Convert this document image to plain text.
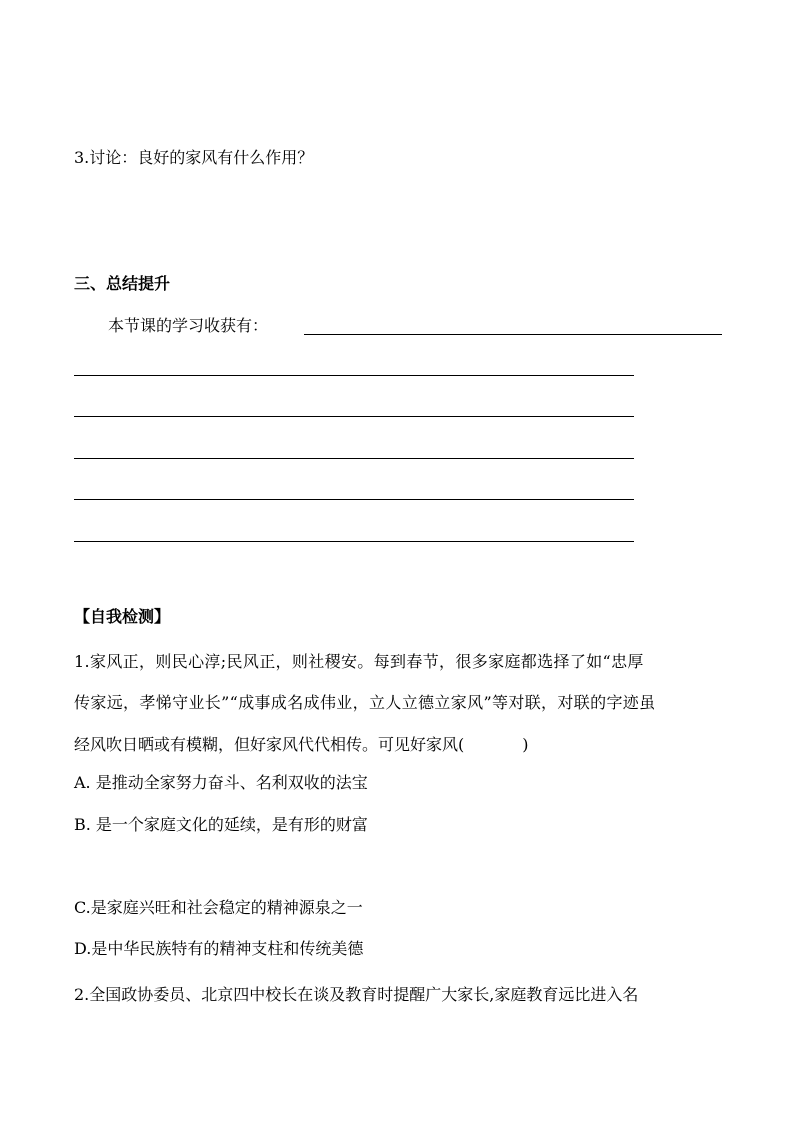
3.讨论：良好的家风有什么作用？
三、总结提升
本节课的学习收获有：
【自我检测】
1.家风正，则民心淳;民风正，则社稷安。每到春节，很多家庭都选择了如“忠厚
传家远，孝悌守业长”“成事成名成伟业，立人立德立家风”等对联，对联的字迹虽
经风吹日晒或有模糊，但好家风代代相传。可见好家风(	)
A. 是推动全家努力奋斗、名利双收的法宝
B. 是一个家庭文化的延续，是有形的财富
C.是家庭兴旺和社会稳定的精神源泉之一
D.是中华民族特有的精神支柱和传统美德
2.全国政协委员、北京四中校长在谈及教育时提醒广大家长,家庭教育远比进入名
